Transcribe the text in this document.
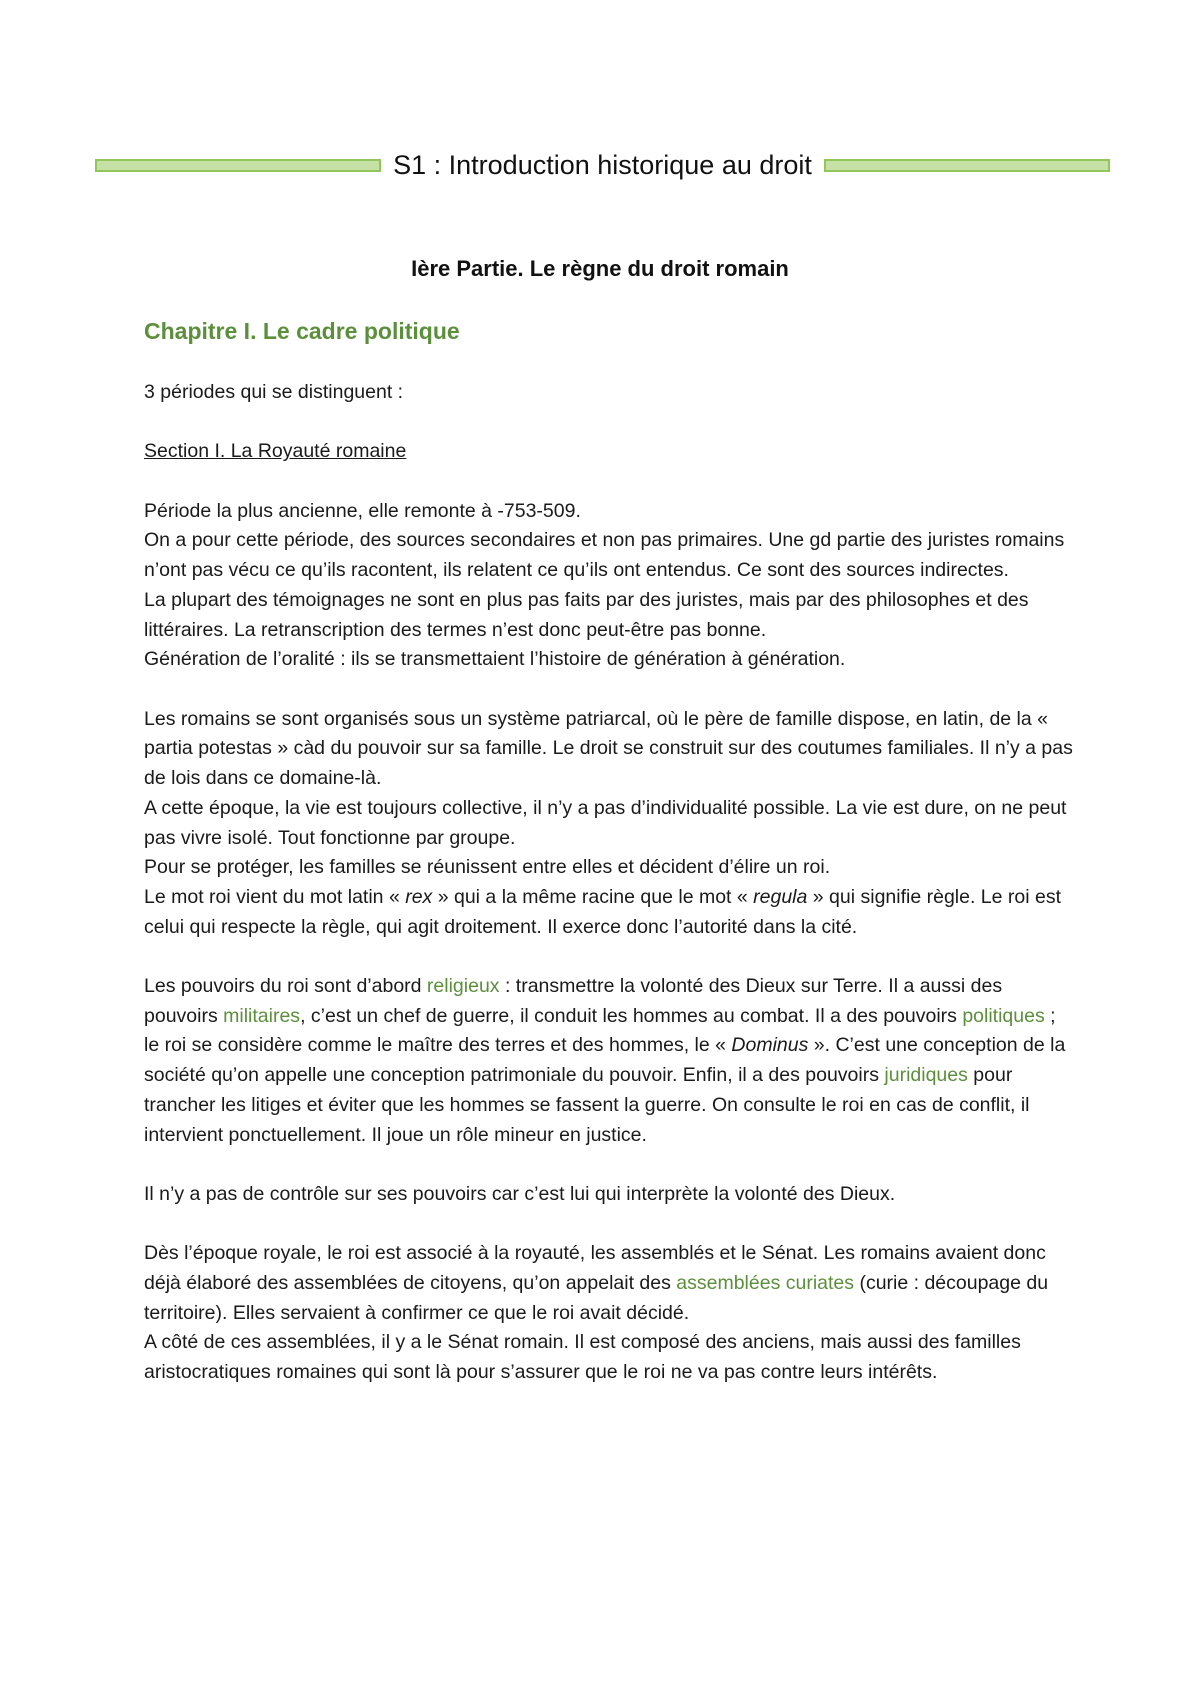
S1 : Introduction historique au droit
Ière Partie. Le règne du droit romain
Chapitre I. Le cadre politique

3 périodes qui se distinguent :

Section I. La Royauté romaine

Période la plus ancienne, elle remonte à -753-509.
On a pour cette période, des sources secondaires et non pas primaires. Une gd partie des juristes romains n’ont pas vécu ce qu’ils racontent, ils relatent ce qu’ils ont entendus. Ce sont des sources indirectes.
La plupart des témoignages ne sont en plus pas faits par des juristes, mais par des philosophes et des littéraires. La retranscription des termes n’est donc peut-être pas bonne.
Génération de l’oralité : ils se transmettaient l’histoire de génération à génération.

Les romains se sont organisés sous un système patriarcal, où le père de famille dispose, en latin, de la « partia potestas » càd du pouvoir sur sa famille. Le droit se construit sur des coutumes familiales. Il n’y a pas de lois dans ce domaine-là.
A cette époque, la vie est toujours collective, il n’y a pas d’individualité possible. La vie est dure, on ne peut pas vivre isolé. Tout fonctionne par groupe.
Pour se protéger, les familles se réunissent entre elles et décident d’élire un roi.
Le mot roi vient du mot latin « rex » qui a la même racine que le mot « regula » qui signifie règle. Le roi est celui qui respecte la règle, qui agit droitement. Il exerce donc l’autorité dans la cité.

Les pouvoirs du roi sont d’abord religieux : transmettre la volonté des Dieux sur Terre. Il a aussi des pouvoirs militaires, c’est un chef de guerre, il conduit les hommes au combat. Il a des pouvoirs politiques ; le roi se considère comme le maître des terres et des hommes, le « Dominus ». C’est une conception de la société qu’on appelle une conception patrimoniale du pouvoir. Enfin, il a des pouvoirs juridiques pour trancher les litiges et éviter que les hommes se fassent la guerre. On consulte le roi en cas de conflit, il intervient ponctuellement. Il joue un rôle mineur en justice.

Il n’y a pas de contrôle sur ses pouvoirs car c’est lui qui interprète la volonté des Dieux.

Dès l’époque royale, le roi est associé à la royauté, les assemblés et le Sénat. Les romains avaient donc déjà élaboré des assemblées de citoyens, qu’on appelait des assemblées curiates (curie : découpage du territoire). Elles servaient à confirmer ce que le roi avait décidé.
A côté de ces assemblées, il y a le Sénat romain. Il est composé des anciens, mais aussi des familles aristocratiques romaines qui sont là pour s’assurer que le roi ne va pas contre leurs intérêts.
